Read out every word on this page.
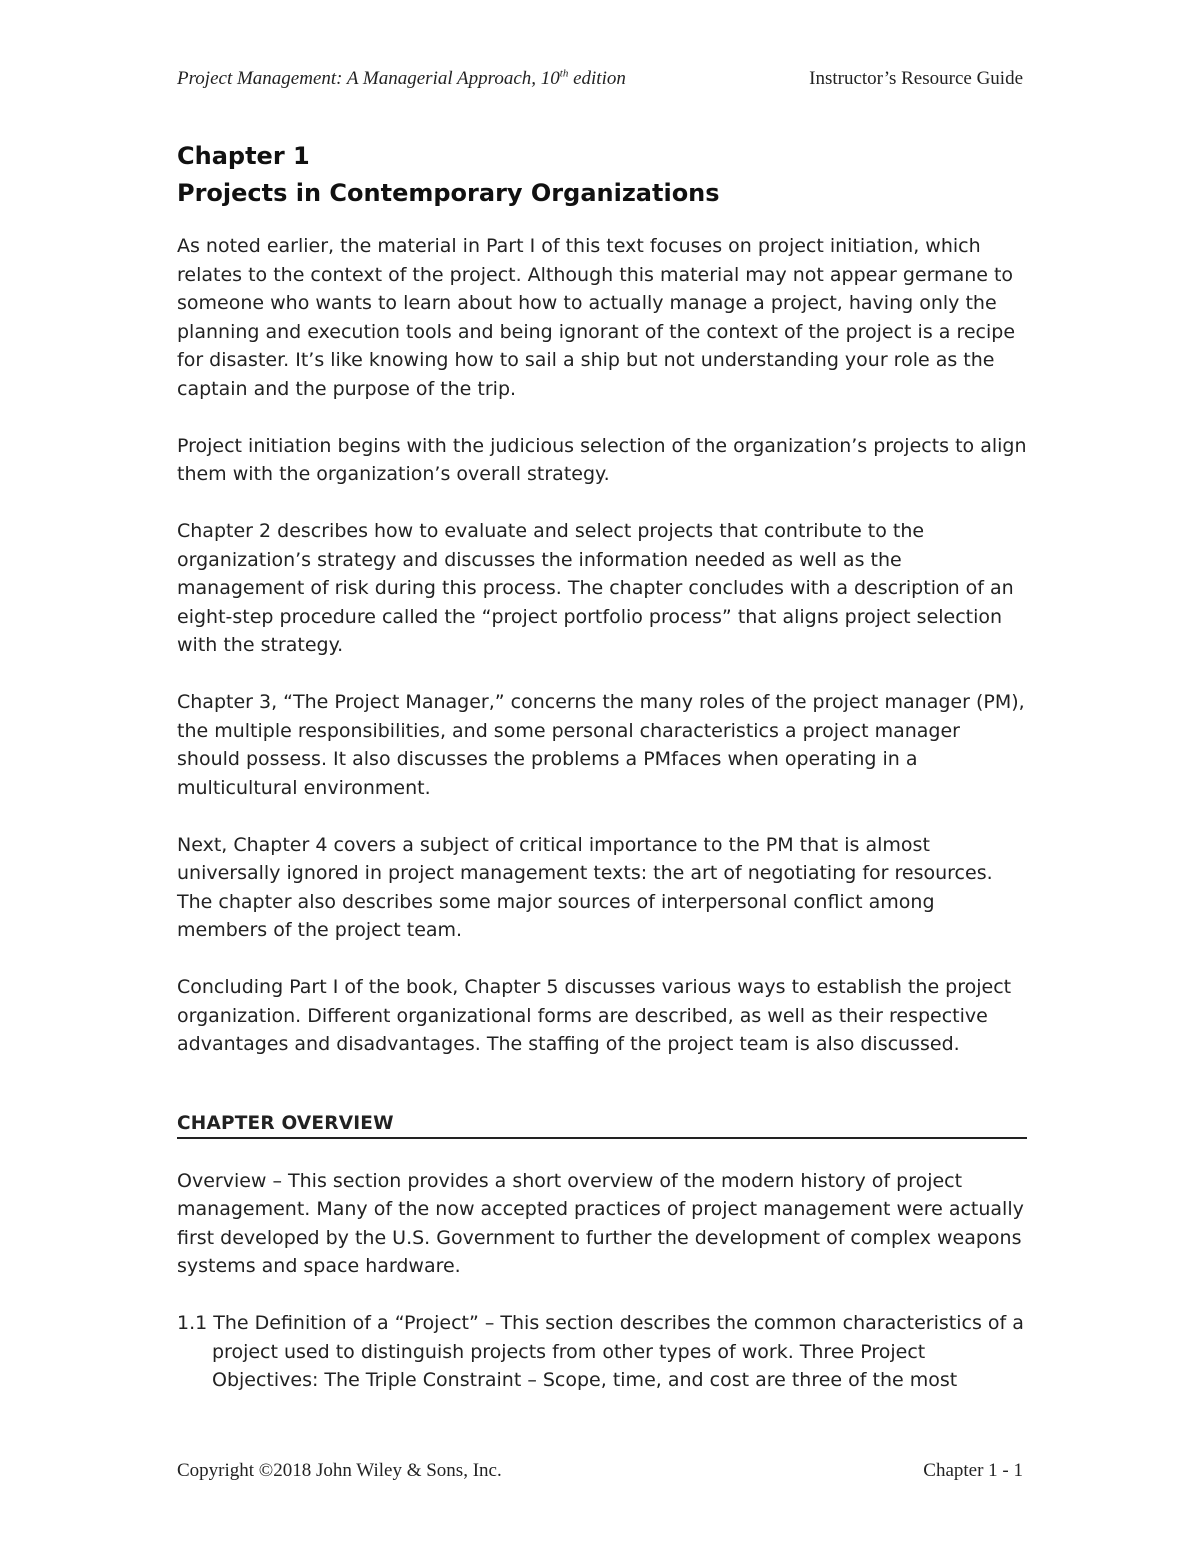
Project Management: A Managerial Approach, 10th edition	Instructor’s Resource Guide
Chapter 1
Projects in Contemporary Organizations

As noted earlier, the material in Part I of this text focuses on project initiation, which relates to the context of the project. Although this material may not appear germane to someone who wants to learn about how to actually manage a project, having only the planning and execution tools and being ignorant of the context of the project is a recipe for disaster. It’s like knowing how to sail a ship but not understanding your role as the captain and the purpose of the trip.

Project initiation begins with the judicious selection of the organization’s projects to align them with the organization’s overall strategy.

Chapter 2 describes how to evaluate and select projects that contribute to the organization’s strategy and discusses the information needed as well as the management of risk during this process. The chapter concludes with a description of an eight-step procedure called the “project portfolio process” that aligns project selection with the strategy.

Chapter 3, “The Project Manager,” concerns the many roles of the project manager (PM), the multiple responsibilities, and some personal characteristics a project manager should possess. It also discusses the problems a PMfaces when operating in a multicultural environment.

Next, Chapter 4 covers a subject of critical importance to the PM that is almost universally ignored in project management texts: the art of negotiating for resources. The chapter also describes some major sources of interpersonal conflict among members of the project team.

Concluding Part I of the book, Chapter 5 discusses various ways to establish the project organization. Different organizational forms are described, as well as their respective advantages and disadvantages. The staffing of the project team is also discussed.

CHAPTER OVERVIEW

Overview – This section provides a short overview of the modern history of project management. Many of the now accepted practices of project management were actually first developed by the U.S. Government to further the development of complex weapons systems and space hardware.

1.1 The Definition of a “Project” – This section describes the common characteristics of a project used to distinguish projects from other types of work. Three Project Objectives: The Triple Constraint – Scope, time, and cost are three of the most
Copyright ©2018 John Wiley & Sons, Inc.	Chapter 1 - 1
